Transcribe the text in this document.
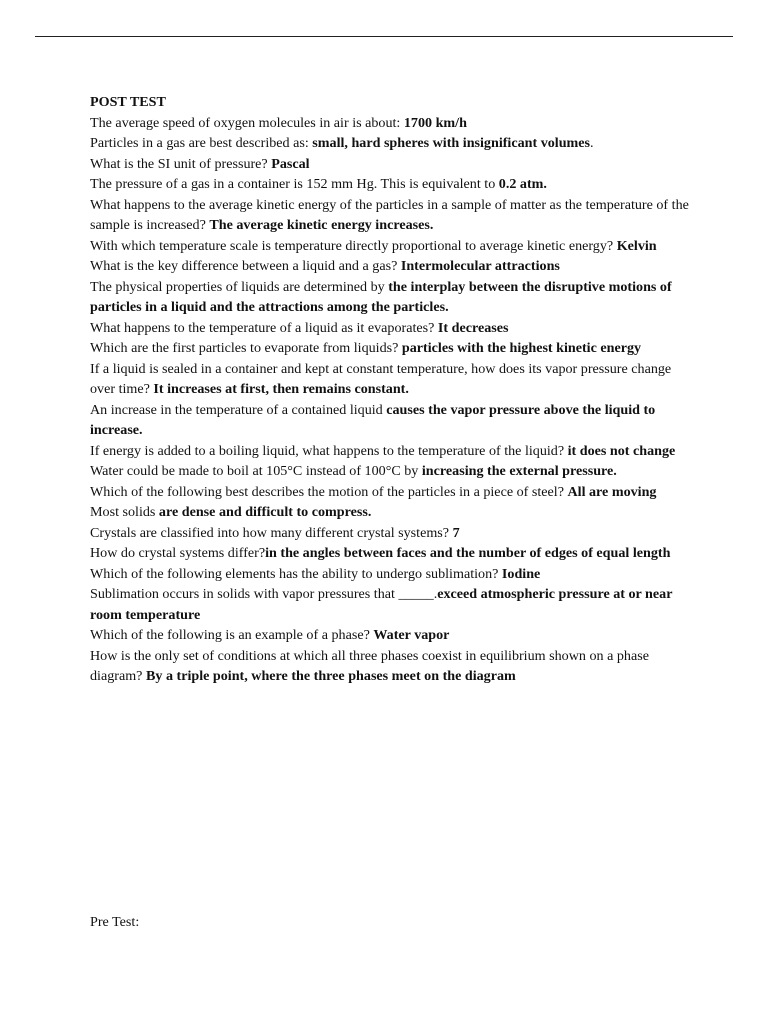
POST TEST

The average speed of oxygen molecules in air is about: 1700 km/h

Particles in a gas are best described as: small, hard spheres with insignificant volumes.

What is the SI unit of pressure? Pascal

The pressure of a gas in a container is 152 mm Hg. This is equivalent to 0.2 atm.

What happens to the average kinetic energy of the particles in a sample of matter as the temperature of the sample is increased? The average kinetic energy increases.

With which temperature scale is temperature directly proportional to average kinetic energy? Kelvin

What is the key difference between a liquid and a gas? Intermolecular attractions

The physical properties of liquids are determined by the interplay between the disruptive motions of particles in a liquid and the attractions among the particles.

What happens to the temperature of a liquid as it evaporates? It decreases

Which are the first particles to evaporate from liquids? particles with the highest kinetic energy

If a liquid is sealed in a container and kept at constant temperature, how does its vapor pressure change over time? It increases at first, then remains constant.

An increase in the temperature of a contained liquid causes the vapor pressure above the liquid to increase.

If energy is added to a boiling liquid, what happens to the temperature of the liquid? it does not change

Water could be made to boil at 105°C instead of 100°C by increasing the external pressure.

Which of the following best describes the motion of the particles in a piece of steel? All are moving

Most solids are dense and difficult to compress.

Crystals are classified into how many different crystal systems? 7

How do crystal systems differ?in the angles between faces and the number of edges of equal length

Which of the following elements has the ability to undergo sublimation? Iodine

Sublimation occurs in solids with vapor pressures that _____.exceed atmospheric pressure at or near room temperature

Which of the following is an example of a phase? Water vapor

How is the only set of conditions at which all three phases coexist in equilibrium shown on a phase diagram? By a triple point, where the three phases meet on the diagram

Pre Test:
